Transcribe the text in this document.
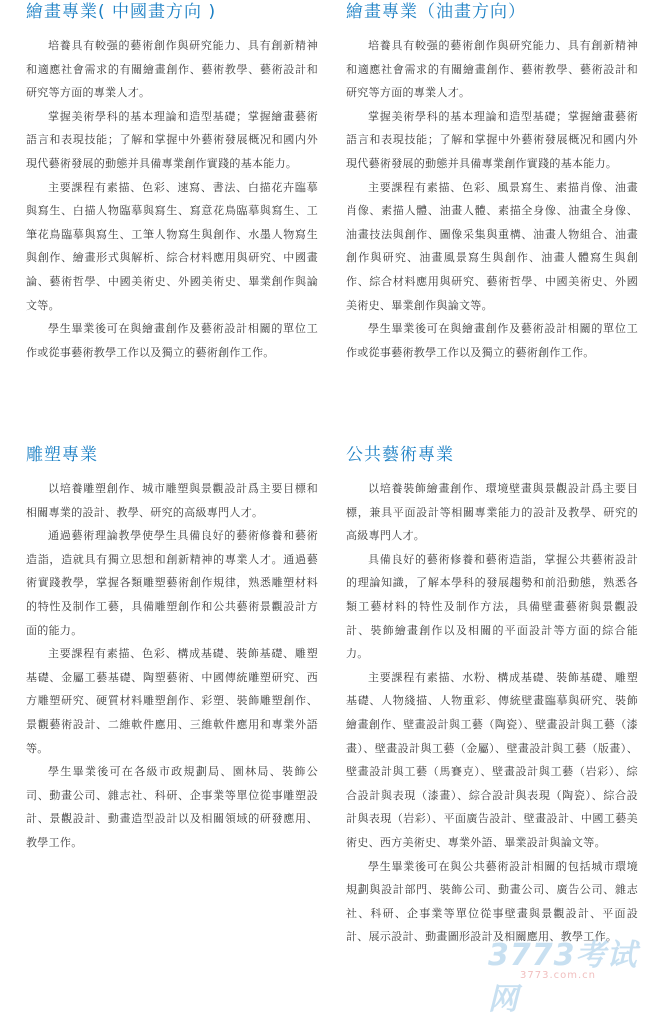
繪畫專業( 中國畫方向 )

培養具有較强的藝術創作與研究能力、具有創新精神和適應社會需求的有關繪畫創作、藝術教學、藝術設計和研究等方面的專業人才。

掌握美術學科的基本理論和造型基礎；掌握繪畫藝術語言和表現技能；了解和掌握中外藝術發展概况和國内外現代藝術發展的動態并具備專業創作實踐的基本能力。

主要課程有素描、色彩、速寫、書法、白描花卉臨摹與寫生、白描人物臨摹與寫生、寫意花鳥臨摹與寫生、工筆花鳥臨摹與寫生、工筆人物寫生與創作、水墨人物寫生與創作、繪畫形式與解析、綜合材料應用與研究、中國畫論、藝術哲學、中國美術史、外國美術史、畢業創作與論文等。

學生畢業後可在與繪畫創作及藝術設計相關的單位工作或從事藝術教學工作以及獨立的藝術創作工作。

繪畫專業（油畫方向）

培養具有較强的藝術創作與研究能力、具有創新精神和適應社會需求的有關繪畫創作、藝術教學、藝術設計和研究等方面的專業人才。

掌握美術學科的基本理論和造型基礎；掌握繪畫藝術語言和表現技能；了解和掌握中外藝術發展概况和國内外現代藝術發展的動態并具備專業創作實踐的基本能力。

主要課程有素描、色彩、風景寫生、素描肖像、油畫肖像、素描人體、油畫人體、素描全身像、油畫全身像、油畫技法與創作、圖像采集與重構、油畫人物組合、油畫創作與研究、油畫風景寫生與創作、油畫人體寫生與創作、綜合材料應用與研究、藝術哲學、中國美術史、外國美術史、畢業創作與論文等。

學生畢業後可在與繪畫創作及藝術設計相關的單位工作或從事藝術教學工作以及獨立的藝術創作工作。

雕塑專業

以培養雕塑創作、城市雕塑與景觀設計爲主要目標和相關專業的設計、教學、研究的高級專門人才。

通過藝術理論教學使學生具備良好的藝術修養和藝術造詣，造就具有獨立思想和創新精神的專業人才。通過藝術實踐教學，掌握各類雕塑藝術創作規律，熟悉雕塑材料的特性及制作工藝，具備雕塑創作和公共藝術景觀設計方面的能力。

主要課程有素描、色彩、構成基礎、裝飾基礎、雕塑基礎、金屬工藝基礎、陶塑藝術、中國傳統雕塑研究、西方雕塑研究、硬質材料雕塑創作、彩塑、裝飾雕塑創作、景觀藝術設計、二維軟件應用、三維軟件應用和專業外語等。

學生畢業後可在各級市政規劃局、園林局、裝飾公司、動畫公司、雜志社、科研、企事業等單位從事雕塑設計、景觀設計、動畫造型設計以及相關領域的研發應用、教學工作。

公共藝術專業

以培養裝飾繪畫創作、環境壁畫與景觀設計爲主要目標，兼具平面設計等相關專業能力的設計及教學、研究的高級專門人才。

具備良好的藝術修養和藝術造詣，掌握公共藝術設計的理論知識，了解本學科的發展趨勢和前沿動態，熟悉各類工藝材料的特性及制作方法，具備壁畫藝術與景觀設計、裝飾繪畫創作以及相關的平面設計等方面的綜合能力。

主要課程有素描、水粉、構成基礎、裝飾基礎、雕塑基礎、人物綫描、人物重彩、傳統壁畫臨摹與研究、裝飾繪畫創作、壁畫設計與工藝（陶瓷）、壁畫設計與工藝（漆畫）、壁畫設計與工藝（金屬）、壁畫設計與工藝（版畫）、壁畫設計與工藝（馬賽克）、壁畫設計與工藝（岩彩）、綜合設計與表現（漆畫）、綜合設計與表現（陶瓷）、綜合設計與表現（岩彩）、平面廣告設計、壁畫設計、中國工藝美術史、西方美術史、專業外語、畢業設計與論文等。

學生畢業後可在與公共藝術設計相關的包括城市環境規劃與設計部門、裝飾公司、動畫公司、廣告公司、雜志社、科研、企事業等單位從事壁畫與景觀設計、平面設計、展示設計、動畫圖形設計及相關應用、教學工作。

3773考试网
3773.com.cn
